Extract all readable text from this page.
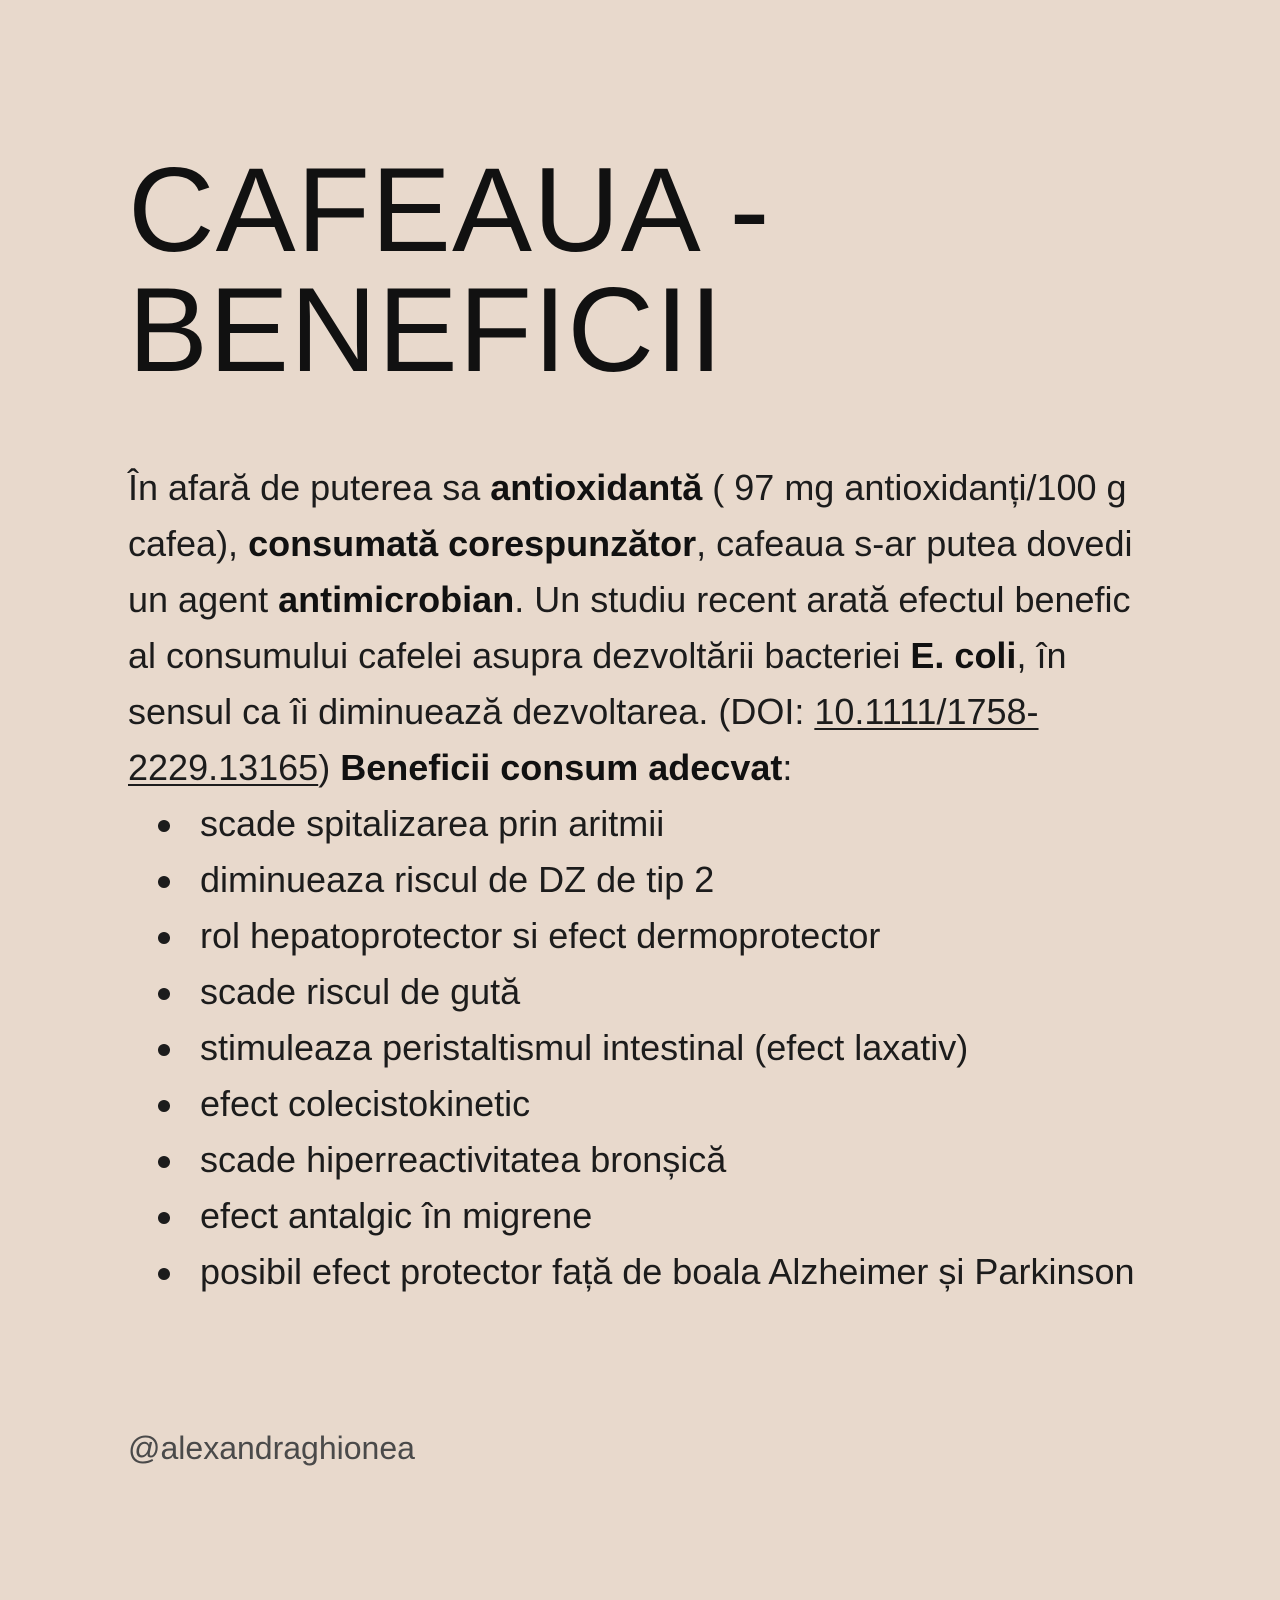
CAFEAUA -
BENEFICII

În afară de puterea sa antioxidantă ( 97 mg antioxidanți/100 g cafea), consumată corespunzător, cafeaua s-ar putea dovedi un agent antimicrobian. Un studiu recent arată efectul benefic al consumului cafelei asupra dezvoltării bacteriei E. coli, în sensul ca îi diminuează dezvoltarea. (DOI: 10.1111/1758-2229.13165) Beneficii consum adecvat:

scade spitalizarea prin aritmii
diminueaza riscul de DZ de tip 2
rol hepatoprotector si efect dermoprotector
scade riscul de gută
stimuleaza peristaltismul intestinal (efect laxativ)
efect colecistokinetic
scade hiperreactivitatea bronșică
efect antalgic în migrene
posibil efect protector față de boala Alzheimer și Parkinson
@alexandraghionea
